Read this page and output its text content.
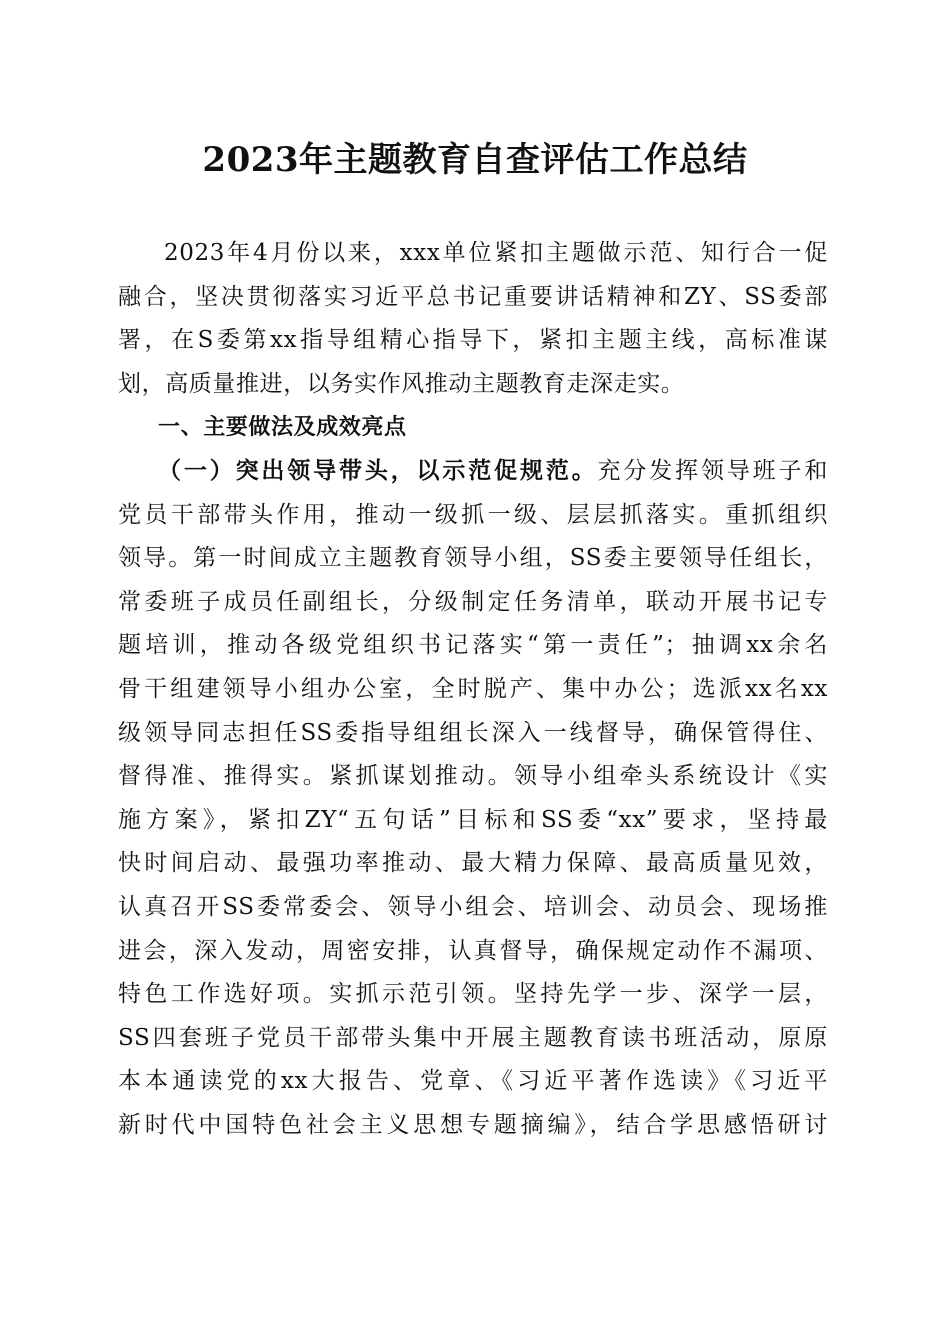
2023年主题教育自查评估工作总结
2023年4月份以来，xxx单位紧扣主题做示范、知行合一促
融合，坚决贯彻落实习近平总书记重要讲话精神和ZY、SS委部
署，在S委第xx指导组精心指导下，紧扣主题主线，高标准谋
划，高质量推进，以务实作风推动主题教育走深走实。
一、主要做法及成效亮点
（一）突出领导带头，以示范促规范。充分发挥领导班子和
党员干部带头作用，推动一级抓一级、层层抓落实。重抓组织
领导。第一时间成立主题教育领导小组，SS委主要领导任组长，
常委班子成员任副组长，分级制定任务清单，联动开展书记专
题培训，推动各级党组织书记落实“第一责任”；抽调xx余名
骨干组建领导小组办公室，全时脱产、集中办公；选派xx名xx
级领导同志担任SS委指导组组长深入一线督导，确保管得住、
督得准、推得实。紧抓谋划推动。领导小组牵头系统设计《实
施方案》，紧扣ZY“五句话”目标和SS委“xx”要求，坚持最
快时间启动、最强功率推动、最大精力保障、最高质量见效，
认真召开SS委常委会、领导小组会、培训会、动员会、现场推
进会，深入发动，周密安排，认真督导，确保规定动作不漏项、
特色工作选好项。实抓示范引领。坚持先学一步、深学一层，
SS四套班子党员干部带头集中开展主题教育读书班活动，原原
本本通读党的xx大报告、党章、《习近平著作选读》《习近平
新时代中国特色社会主义思想专题摘编》，结合学思感悟研讨
